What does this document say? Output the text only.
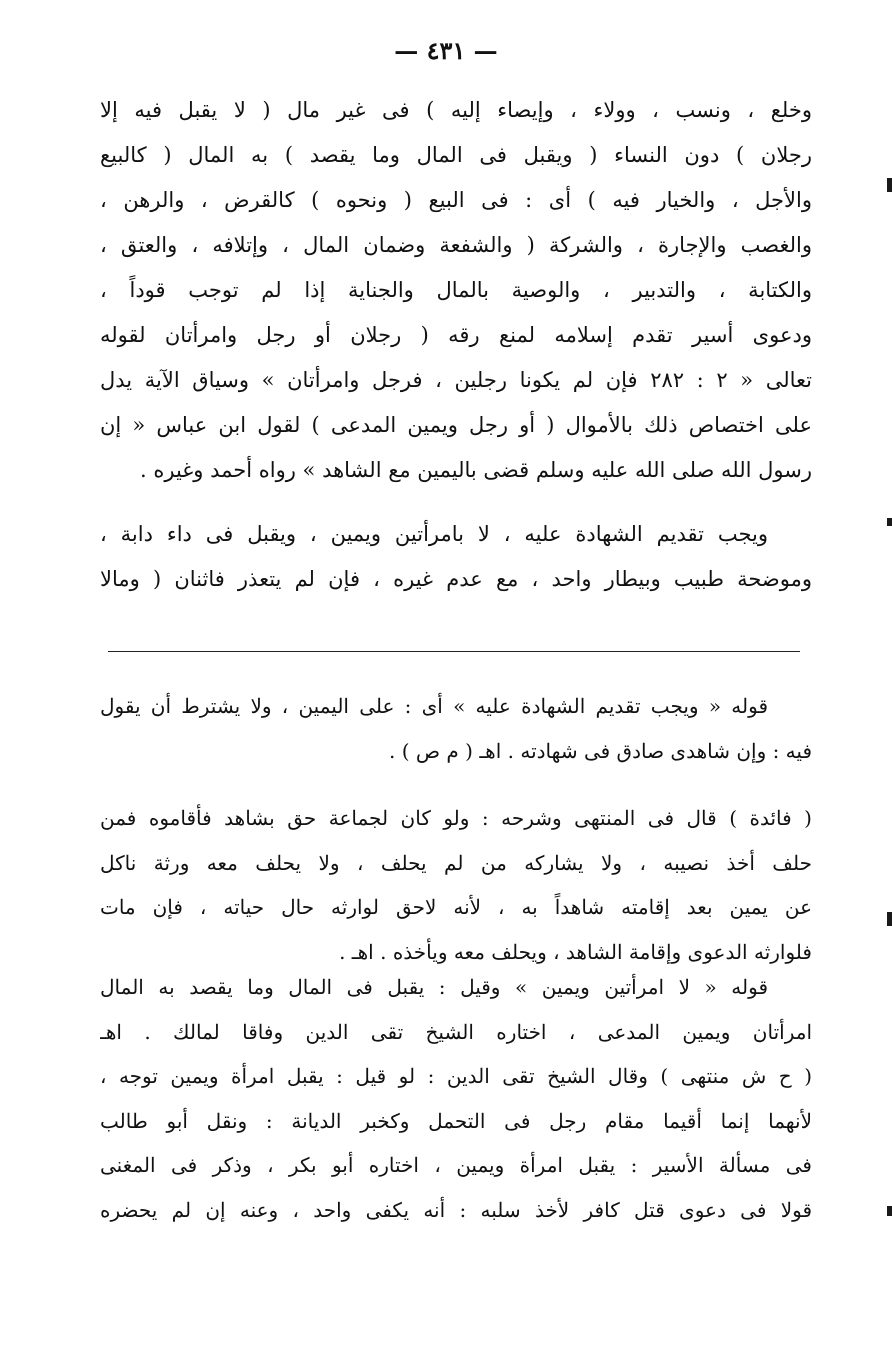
— ٤٣١ —
وخلع ، ونسب ، وولاء ، وإيصاء إليه ) فى غير مال ( لا يقبل فيه إلا
رجلان ) دون النساء ( ويقبل فى المال وما يقصد ) به المال ( كالبيع
والأجل ، والخيار فيه ) أى : فى البيع ( ونحوه ) كالقرض ، والرهن ،
والغصب والإجارة ، والشركة ( والشفعة وضمان المال ، وإتلافه ، والعتق ،
والكتابة ، والتدبير ، والوصية بالمال والجناية إذا لم توجب قوداً ،
ودعوى أسير تقدم إسلامه لمنع رقه ( رجلان أو رجل وامرأتان لقوله
تعالى « ٢ : ٢٨٢ فإن لم يكونا رجلين ، فرجل وامرأتان » وسياق الآية يدل
على اختصاص ذلك بالأموال ( أو رجل ويمين المدعى ) لقول ابن عباس « إن
رسول الله صلى الله عليه وسلم قضى باليمين مع الشاهد » رواه أحمد وغيره .
ويجب تقديم الشهادة عليه ، لا بامرأتين ويمين ، ويقبل فى داء دابة ،
وموضحة طبيب وبيطار واحد ، مع عدم غيره ، فإن لم يتعذر فاثنان ( ومالا
قوله « ويجب تقديم الشهادة عليه » أى : على اليمين ، ولا يشترط أن يقول
فيه : وإن شاهدى صادق فى شهادته . اهـ ( م ص ) .
( فائدة ) قال فى المنتهى وشرحه : ولو كان لجماعة حق بشاهد فأقاموه فمن
حلف أخذ نصيبه ، ولا يشاركه من لم يحلف ، ولا يحلف معه ورثة ناكل
عن يمين بعد إقامته شاهداً به ، لأنه لاحق لوارثه حال حياته ، فإن مات
فلوارثه الدعوى وإقامة الشاهد ، ويحلف معه ويأخذه . اهـ .
قوله « لا امرأتين ويمين » وقيل : يقبل فى المال وما يقصد به المال
امرأتان ويمين المدعى ، اختاره الشيخ تقى الدين وفاقا لمالك . اهـ
( ح ش منتهى ) وقال الشيخ تقى الدين : لو قيل : يقبل امرأة ويمين توجه ،
لأنهما إنما أقيما مقام رجل فى التحمل وكخبر الديانة : ونقل أبو طالب
فى مسألة الأسير : يقبل امرأة ويمين ، اختاره أبو بكر ، وذكر فى المغنى
قولا فى دعوى قتل كافر لأخذ سلبه : أنه يكفى واحد ، وعنه إن لم يحضره
